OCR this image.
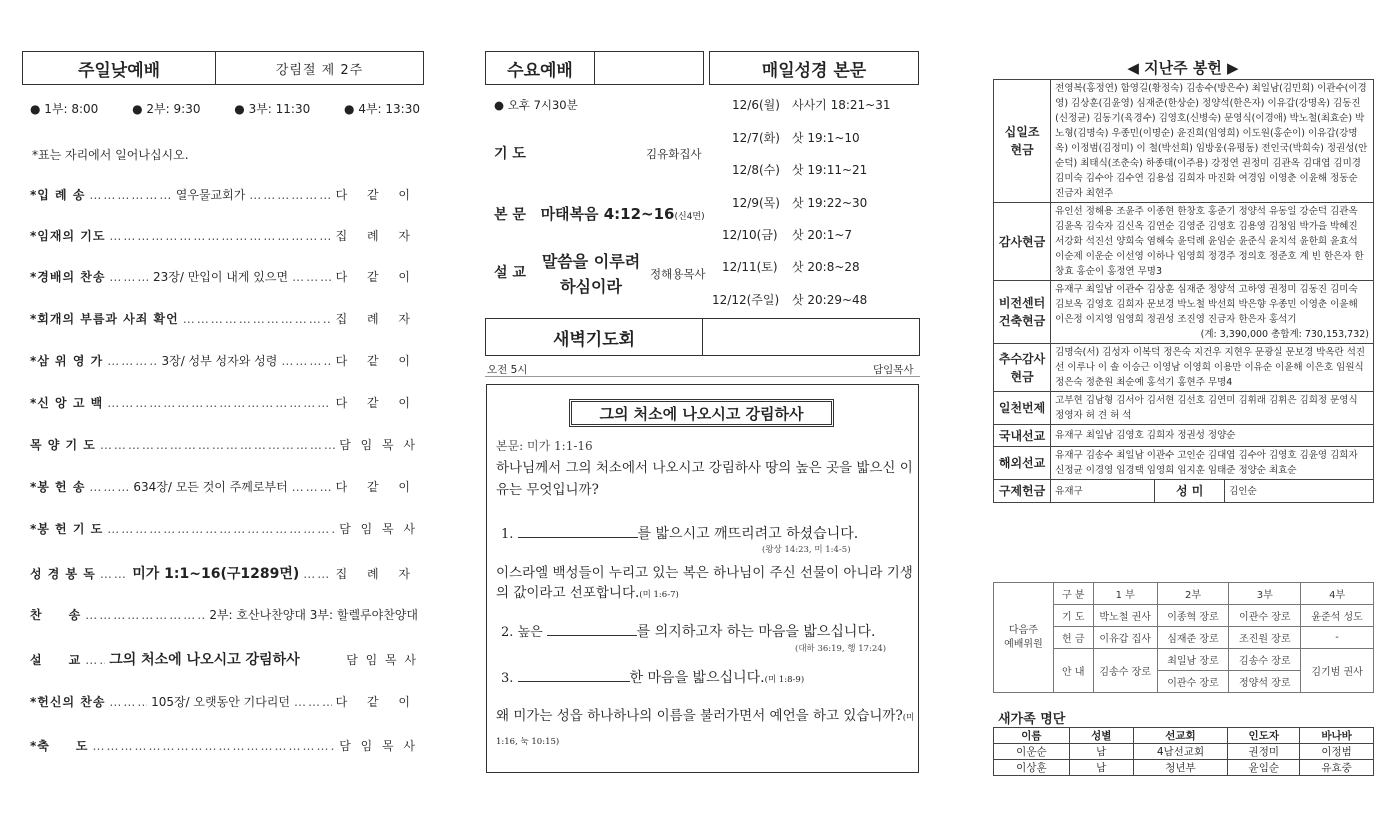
주일낮예배	강림절 제 2주
● 1부: 8:00	● 2부: 9:30	● 3부: 11:30	● 4부: 13:30
*표는 자리에서 일어나십시오.
*입 례 송 …………………………………………………………………………………………	열우물교회가 …………………………………………………………………………………………	다 같 이
*임재의 기도 …………………………………………………………………………………………	집 례 자
*경배의 찬송 …………………………………………………………………………………………	23장/ 만입이 내게 있으면 …………………………………………………………………………………………	다 같 이
*회개의 부름과 사죄 확언 …………………………………………………………………………………………	집 례 자
*삼 위 영 가 …………………………………………………………………………………………	3장/ 성부 성자와 성령 …………………………………………………………………………………………	다 같 이
*신 앙 고 백 …………………………………………………………………………………………	다 같 이
목 양 기 도 …………………………………………………………………………………………	담 임 목 사
*봉 헌 송 …………………………………………………………………………………………	634장/ 모든 것이 주께로부터 …………………………………………………………………………………………	다 같 이
*봉 헌 기 도 …………………………………………………………………………………………	담 임 목 사
성 경 봉 독 …………………………………………………………………………………………	미가 1:1~16(구1289면) …………………………………………………………………………………………	집 례 자
찬　　송 …………………………………………………………………………………………	2부: 호산나찬양대 3부: 할렐루야찬양대
설　　교 ………………………………………………………………………………………… 그의 처소에 나오시고 강림하사	담 임 목 사
*헌신의 찬송 …………………………………………………………………………………………	105장/ 오랫동안 기다리던 …………………………………………………………………………………………	다 같 이
*축　　도 …………………………………………………………………………………………	담 임 목 사
수요예배	매일성경 본문
● 오후 7시30분
기 도	김유화집사
본 문 마태복음 4:12~16(신4면)
설 교
말씀을 이루려
하심이라
정해용목사
12/6(월) 사사기 18:21~31
12/7(화) 삿 19:1~10
12/8(수) 삿 19:11~21
12/9(목) 삿 19:22~30
12/10(금) 삿 20:1~7
12/11(토) 삿 20:8~28
12/12(주일) 삿 20:29~48
새벽기도회
오전 5시	담임목사
그의 처소에 나오시고 강림하사
본문: 미가 1:1-16
하나님께서 그의 처소에서 나오시고 강림하사 땅의 높은 곳을 밟으신 이유는 무엇입니까?
1.	를 밟으시고 깨뜨리려고 하셨습니다.
(왕상 14:23, 미 1:4-5)
이스라엘 백성들이 누리고 있는 복은 하나님이 주신 선물이 아니라 기생의 값이라고 선포합니다.(미 1:6-7)
2. 높은	를 의지하고자 하는 마음을 밟으십니다.
(대하 36:19, 행 17:24)
3.	한 마음을 밟으십니다.(미 1:8-9)
왜 미가는 성읍 하나하나의 이름을 불러가면서 예언을 하고 있습니까?(미 1:16, 눅 10:15)
◀ 지난주 봉헌 ▶
십일조
현금	전영복(홍정연) 함영길(황정숙) 김송수(방은수) 최일남(김민희) 이관수(이경영) 김상훈(김윤영) 심재준(한상순) 정양석(한은자) 이유갑(강명옥) 김동진(신정균) 김동기(육경수) 김영호(신병숙) 문영식(이경애) 박노철(최효순) 박노형(김명숙) 우종민(이명순) 윤진희(임영희) 이도원(홍순이) 이유갑(강명옥) 이정범(김정미) 이 철(박선희) 임방웅(유평동) 전인국(박희숙) 정권성(안순덕) 최태식(조춘숙) 하종태(이주용) 강정연 권정미 김관옥 김대엽 김미경 김미숙 김수아 김수연 김용섭 김희자 마진화 여경임 이영춘 이윤해 정동순 진금자 최현주
감사현금	유인선 정해용 조윤주 이종현 한창호 홍준기 정양석 유동일 강순덕 김관옥 김윤옥 김숙자 김신옥 김연순 김영준 김영호 김용영 김청임 박가을 박혜진 서강화 석진선 양희숙 염해숙 윤덕례 윤임순 윤준식 윤치석 윤한희 윤효석 이순제 이운순 이선영 이하나 임영희 정경주 정의호 정준호 계 빈 한은자 한창효 홍순이 홍정연 무명3
비전센터
건축현금	유재구 최일남 이관수 김상훈 심재준 정양석 고하영 권정미 김동진 김미숙 김보옥 김영호 김희자 문보경 박노철 박선희 박은향 우종민 이영춘 이윤해 이은정 이지영 임영희 정권성 조진영 진금자 한은자 홍석기
(계: 3,390,000 총합계: 730,153,732)

추수감사
현금	김명숙(서) 김성자 이복덕 정은숙 지건우 지현우 문광실 문보경 박옥란 석진선 이루나 이 솔 이승근 이영남 이영희 이용만 이유순 이윤해 이은호 임원식 정은숙 정춘원 최순예 홍석기 홍현주 무명4
일천번제	고부현 김남형 김서아 김서현 김선호 김연미 김휘래 김휘은 김희정 문영식 정영자 허 견 허 석
국내선교	유재구 최일남 김영호 김희자 정권성 정양순
해외선교	유재구 김송수 최일남 이관수 고인순 김대엽 김수아 김영호 김윤영 김희자 신정균 이경영 임경택 임영희 임지훈 임태준 정양순 최효순
구제헌금	유재구 성 미 김인순
다음주
예배위원	구 분	1 부	2부	3부	4부
	기 도	박노철 권사	이종혁 장로	이관수 장로	윤준석 성도
	헌 금	이유갑 집사	심재준 장로	조진원 장로	-
	안 내	김송수 장로	최일남 장로	김송수 장로	김기범 권사
			이관수 장로	정양석 장로	
새가족 명단
이름	성별	선교회	인도자	바나바
이운순	남	4남선교회	권정미	이정범
이상훈	남	청년부	윤임순	유효중
